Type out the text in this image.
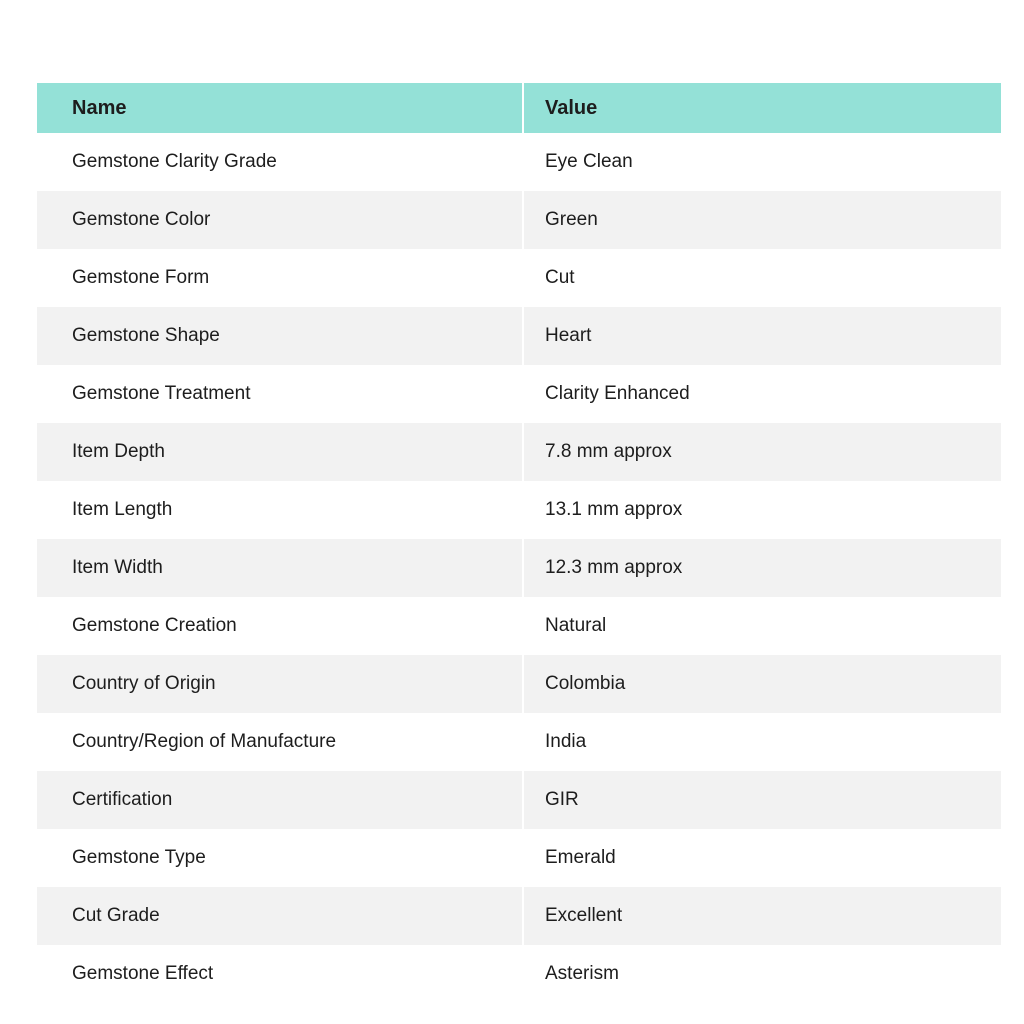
Name	Value
Gemstone Clarity Grade	Eye Clean
Gemstone Color	Green
Gemstone Form	Cut
Gemstone Shape	Heart
Gemstone Treatment	Clarity Enhanced
Item Depth	7.8 mm approx
Item Length	13.1 mm approx
Item Width	12.3 mm approx
Gemstone Creation	Natural
Country of Origin	Colombia
Country/Region of Manufacture	India
Certification	GIR
Gemstone Type	Emerald
Cut Grade	Excellent
Gemstone Effect	Asterism
